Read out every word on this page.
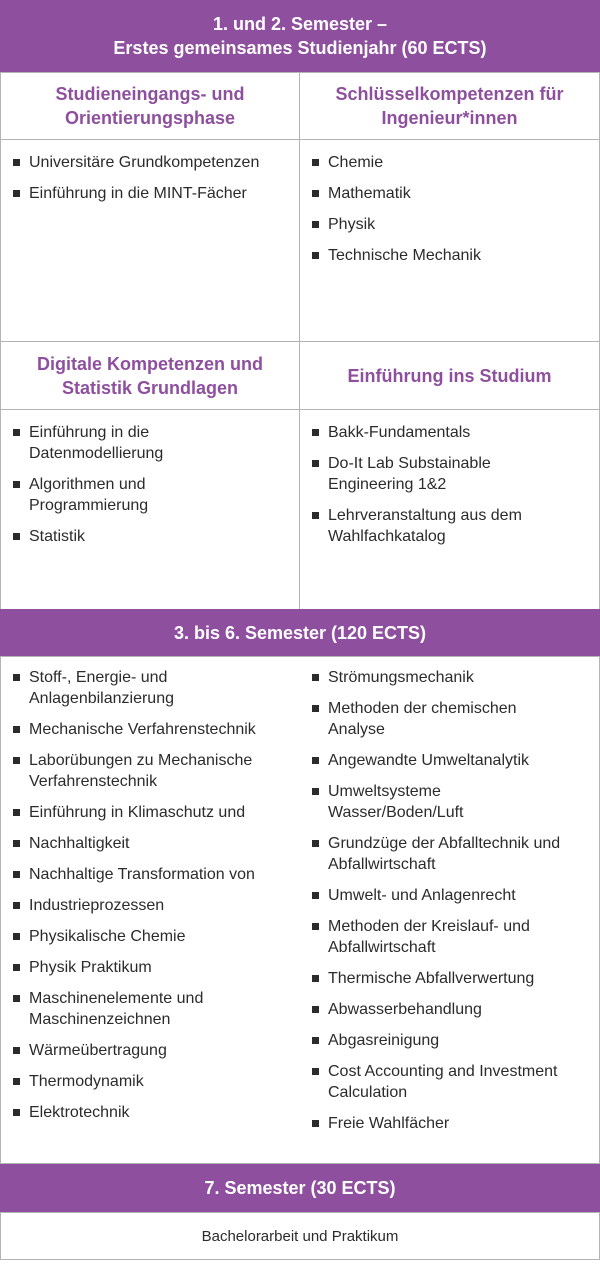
1. und 2. Semester –
Erstes gemeinsames Studienjahr (60 ECTS)
Studieneingangs- und
Orientierungsphase
Schlüsselkompetenzen für
Ingenieur*innen
Universitäre Grundkompetenzen
Einführung in die MINT-Fächer
Chemie
Mathematik
Physik
Technische Mechanik
Digitale Kompetenzen und
Statistik Grundlagen
Einführung ins Studium
Einführung in die
Datenmodellierung
Algorithmen und
Programmierung
Statistik
Bakk-Fundamentals
Do-It Lab Substainable
Engineering 1&2
Lehrveranstaltung aus dem
Wahlfachkatalog
3. bis 6. Semester (120 ECTS)
Stoff-, Energie- und
Anlagenbilanzierung
Mechanische Verfahrenstechnik
Laborübungen zu Mechanische
Verfahrenstechnik
Einführung in Klimaschutz und
Nachhaltigkeit
Nachhaltige Transformation von
Industrieprozessen
Physikalische Chemie
Physik Praktikum
Maschinenelemente und
Maschinenzeichnen
Wärmeübertragung
Thermodynamik
Elektrotechnik
Strömungsmechanik
Methoden der chemischen
Analyse
Angewandte Umweltanalytik
Umweltsysteme
Wasser/Boden/Luft
Grundzüge der Abfalltechnik und
Abfallwirtschaft
Umwelt- und Anlagenrecht
Methoden der Kreislauf- und
Abfallwirtschaft
Thermische Abfallverwertung
Abwasserbehandlung
Abgasreinigung
Cost Accounting and Investment
Calculation
Freie Wahlfächer
7. Semester (30 ECTS)
Bachelorarbeit und Praktikum
